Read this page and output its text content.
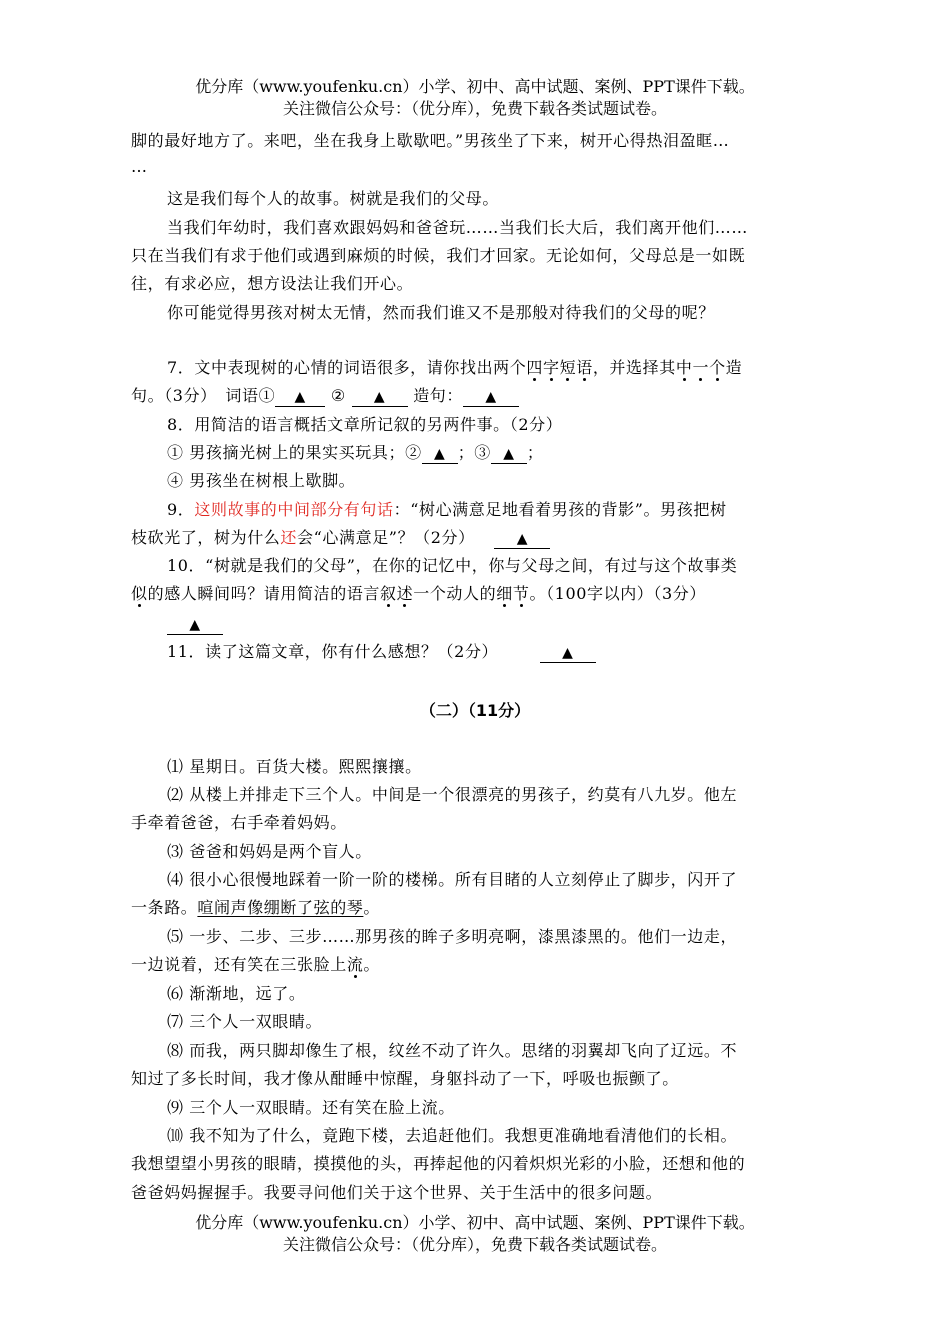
优分库（www.youfenku.cn）小学、初中、高中试题、案例、PPT课件下载。
关注微信公众号：（优分库），免费下载各类试题试卷。
脚的最好地方了。来吧，坐在我身上歇歇吧。”男孩坐了下来，树开心得热泪盈眶…
…
这是我们每个人的故事。树就是我们的父母。
当我们年幼时，我们喜欢跟妈妈和爸爸玩……当我们长大后，我们离开他们……
只在当我们有求于他们或遇到麻烦的时候，我们才回家。无论如何，父母总是一如既
往，有求必应，想方设法让我们开心。
你可能觉得男孩对树太无情，然而我们谁又不是那般对待我们的父母的呢？
7．文中表现树的心情的词语很多，请你找出两个四字短语，并选择其中一个造
句。（3分）　词语① ▲ ② ▲ 造句： ▲
8．用简洁的语言概括文章所记叙的另两件事。（2分）
① 男孩摘光树上的果实买玩具；② ▲ ；③ ▲ ；
④ 男孩坐在树根上歇脚。
9．这则故事的中间部分有句话：“树心满意足地看着男孩的背影”。男孩把树
枝砍光了，树为什么还会“心满意足”？（2分）	▲
10．“树就是我们的父母”，在你的记忆中，你与父母之间，有过与这个故事类
似的感人瞬间吗？请用简洁的语言叙述一个动人的细节。（100字以内）（3分）
▲
11．读了这篇文章，你有什么感想？（2分）	▲
（二）（11分）
⑴ 星期日。百货大楼。熙熙攘攘。
⑵ 从楼上并排走下三个人。中间是一个很漂亮的男孩子，约莫有八九岁。他左
手牵着爸爸，右手牵着妈妈。
⑶ 爸爸和妈妈是两个盲人。
⑷ 很小心很慢地踩着一阶一阶的楼梯。所有目睹的人立刻停止了脚步，闪开了
一条路。喧闹声像绷断了弦的琴。
⑸ 一步、二步、三步……那男孩的眸子多明亮啊，漆黑漆黑的。他们一边走，
一边说着，还有笑在三张脸上流。
⑹ 渐渐地，远了。
⑺ 三个人一双眼睛。
⑻ 而我，两只脚却像生了根，纹丝不动了许久。思绪的羽翼却飞向了辽远。不
知过了多长时间，我才像从酣睡中惊醒，身躯抖动了一下，呼吸也振颤了。
⑼ 三个人一双眼睛。还有笑在脸上流。
⑽ 我不知为了什么，竟跑下楼，去追赶他们。我想更准确地看清他们的长相。
我想望望小男孩的眼睛，摸摸他的头，再捧起他的闪着炽炽光彩的小脸，还想和他的
爸爸妈妈握握手。我要寻问他们关于这个世界、关于生活中的很多问题。
优分库（www.youfenku.cn）小学、初中、高中试题、案例、PPT课件下载。
关注微信公众号：（优分库），免费下载各类试题试卷。
